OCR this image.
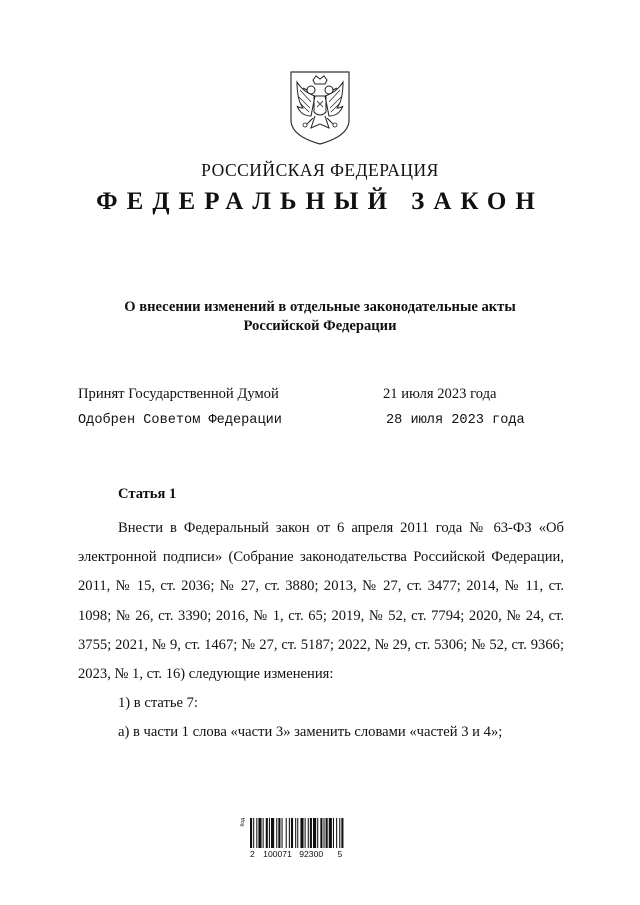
РОССИЙСКАЯ ФЕДЕРАЦИЯ
ФЕДЕРАЛЬНЫЙ ЗАКОН
О внесении изменений в отдельные законодательные акты
Российской Федерации
Принят Государственной Думой	21 июля 2023 года
Одобрен Советом Федерации	28 июля 2023 года
Статья 1

Внести в Федеральный закон от 6 апреля 2011 года № 63-ФЗ «Об электронной подписи» (Собрание законодательства Российской Федерации, 2011, № 15, ст. 2036; № 27, ст. 3880; 2013, № 27, ст. 3477; 2014, № 11, ст. 1098; № 26, ст. 3390; 2016, № 1, ст. 65; 2019, № 52, ст. 7794; 2020, № 24, ст. 3755; 2021, № 9, ст. 1467; № 27, ст. 5187; 2022, № 29, ст. 5306; № 52, ст. 9366; 2023, № 1, ст. 16) следующие изменения:

1) в статье 7:

а) в части 1 слова «части 3» заменить словами «частей 3 и 4»;

Код
2 100071 92300 5
